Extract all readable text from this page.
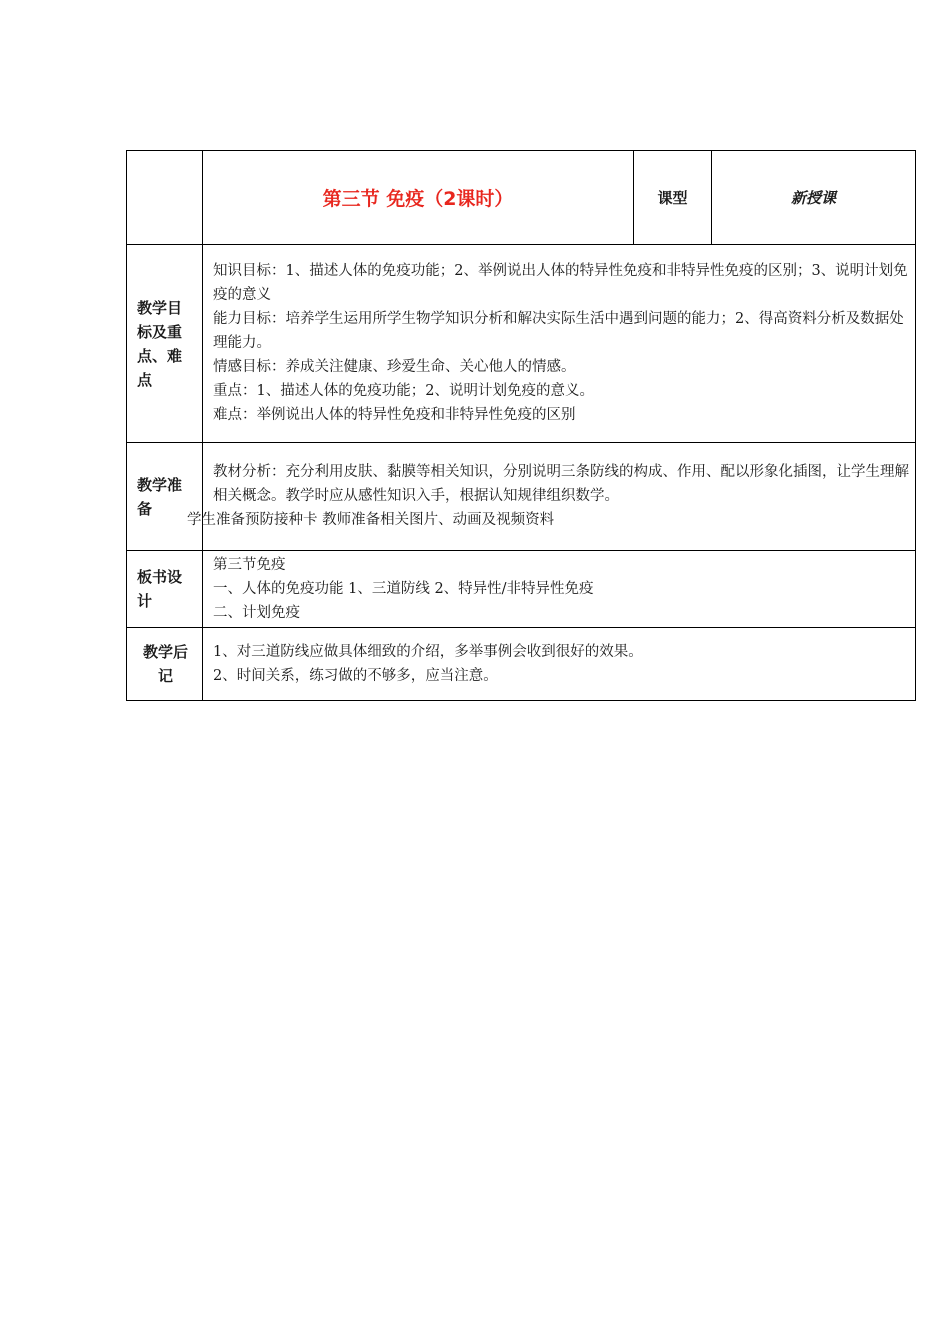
	第三节 免疫（2课时）	课型	新授课
教学目标及重点、难点	知识目标：1、描述人体的免疫功能；2、举例说出人体的特异性免疫和非特异性免疫的区别；3、说明计划免疫的意义
能力目标：培养学生运用所学生物学知识分析和解决实际生活中遇到问题的能力；2、得高资料分析及数据处理能力。
情感目标：养成关注健康、珍爱生命、关心他人的情感。
重点：1、描述人体的免疫功能；2、说明计划免疫的意义。
难点：举例说出人体的特异性免疫和非特异性免疫的区别		

教学准备	教材分析：充分利用皮肤、黏膜等相关知识，分别说明三条防线的构成、作用、配以形象化插图，让学生理解相关概念。教学时应从感性知识入手，根据认知规律组织数学。
学生准备预防接种卡 教师准备相关图片、动画及视频资料		

板书设计	第三节免疫
一、人体的免疫功能 1、三道防线 2、特异性/非特异性免疫
二、计划免疫		

教学后记	1、对三道防线应做具体细致的介绍，多举事例会收到很好的效果。
2、时间关系，练习做的不够多，应当注意。		
